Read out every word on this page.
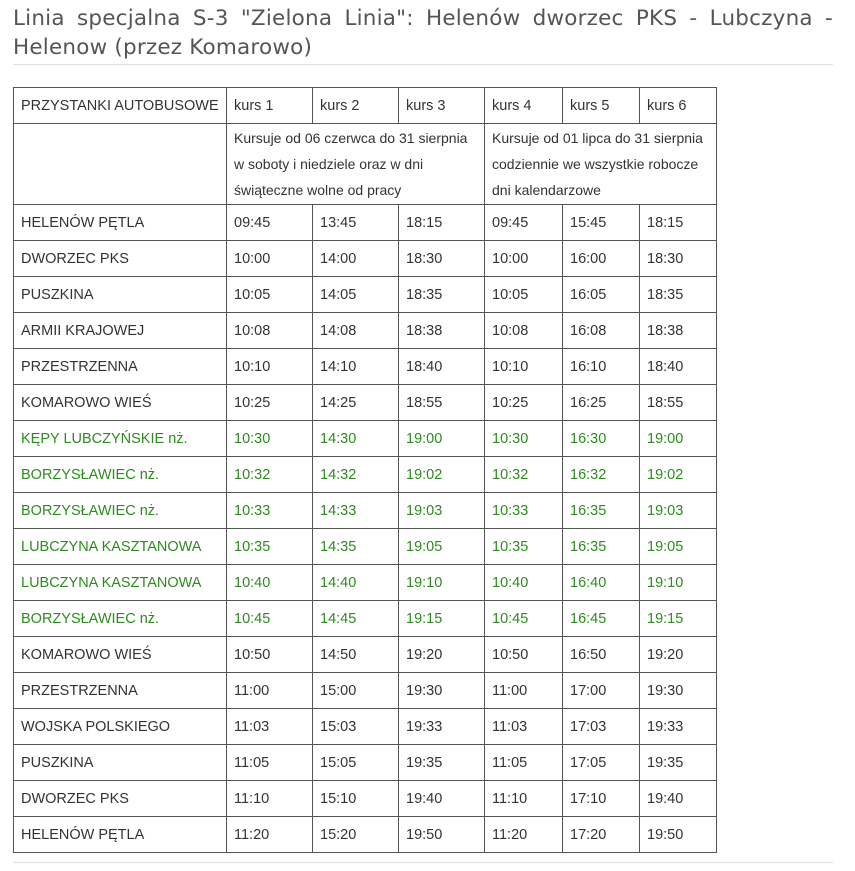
Linia specjalna S-3 "Zielona Linia": Helenów dworzec PKS - Lubczyna -Helenow (przez Komarowo)
PRZYSTANKI AUTOBUSOWE	kurs 1	kurs 2	kurs 3	kurs 4	kurs 5	kurs 6
	Kursuje od 06 czerwca do 31 sierpnia w soboty i niedziele oraz w dni świąteczne wolne od pracy			Kursuje od 01 lipca do 31 sierpnia codziennie we wszystkie robocze dni kalendarzowe		
HELENÓW PĘTLA	09:45	13:45	18:15	09:45	15:45	18:15
DWORZEC PKS	10:00	14:00	18:30	10:00	16:00	18:30
PUSZKINA	10:05	14:05	18:35	10:05	16:05	18:35
ARMII KRAJOWEJ	10:08	14:08	18:38	10:08	16:08	18:38
PRZESTRZENNA	10:10	14:10	18:40	10:10	16:10	18:40
KOMAROWO WIEŚ	10:25	14:25	18:55	10:25	16:25	18:55
KĘPY LUBCZYŃSKIE nż.	10:30	14:30	19:00	10:30	16:30	19:00
BORZYSŁAWIEC nż.	10:32	14:32	19:02	10:32	16:32	19:02
BORZYSŁAWIEC nż.	10:33	14:33	19:03	10:33	16:35	19:03
LUBCZYNA KASZTANOWA	10:35	14:35	19:05	10:35	16:35	19:05
LUBCZYNA KASZTANOWA	10:40	14:40	19:10	10:40	16:40	19:10
BORZYSŁAWIEC nż.	10:45	14:45	19:15	10:45	16:45	19:15
KOMAROWO WIEŚ	10:50	14:50	19:20	10:50	16:50	19:20
PRZESTRZENNA	11:00	15:00	19:30	11:00	17:00	19:30
WOJSKA POLSKIEGO	11:03	15:03	19:33	11:03	17:03	19:33
PUSZKINA	11:05	15:05	19:35	11:05	17:05	19:35
DWORZEC PKS	11:10	15:10	19:40	11:10	17:10	19:40
HELENÓW PĘTLA	11:20	15:20	19:50	11:20	17:20	19:50
